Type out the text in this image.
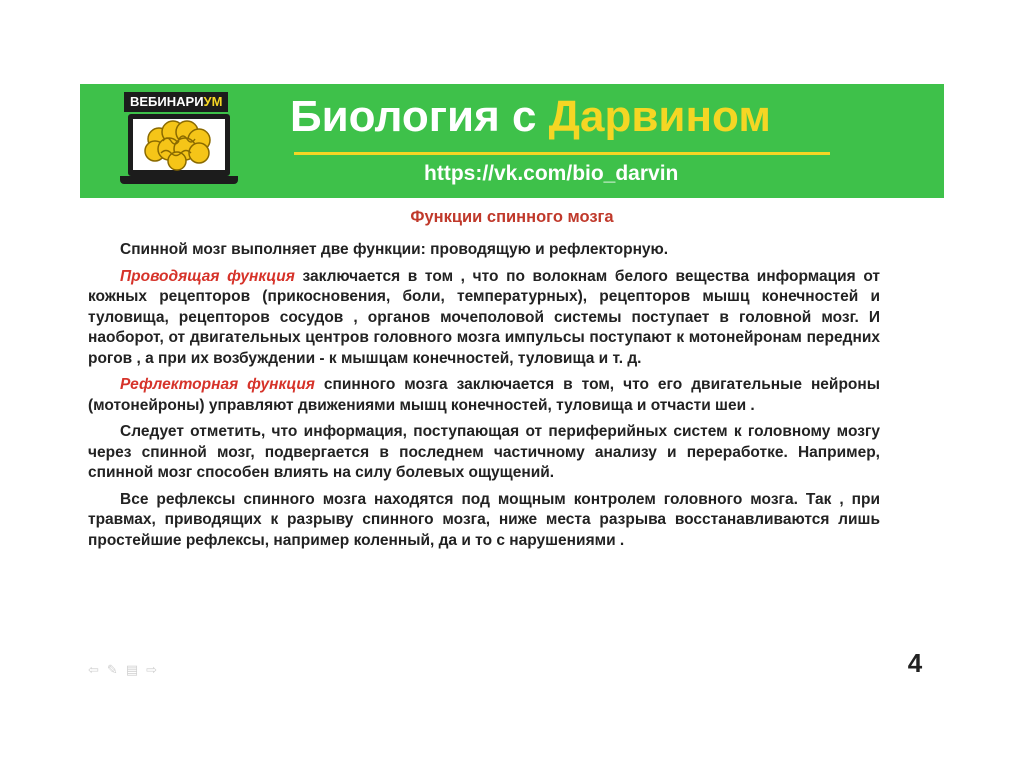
ВЕБИНАРИУМ Биология с Дарвином
https://vk.com/bio_darvin
Функции спинного мозга

Спинной мозг выполняет две функции: проводящую и рефлекторную.

Проводящая функция заключается в том , что по волокнам белого вещества информация от кожных рецепторов (прикосновения, боли, температурных), рецепторов мышц конечностей и туловища, рецепторов сосудов , органов мочеполовой системы поступает в головной мозг. И наоборот, от двигательных центров головного мозга импульсы поступают к мотонейронам передних рогов , а при их возбуждении - к мышцам конечностей, туловища и т. д.

Рефлекторная функция спинного мозга заключается в том, что его двигательные нейроны (мотонейроны) управляют движениями мышц конечностей, туловища и отчасти шеи .

Следует отметить, что информация, поступающая от периферийных систем к головному мозгу через спинной мозг, подвергается в последнем частичному анализу и переработке. Например, спинной мозг способен влиять на силу болевых ощущений.

Все рефлексы спинного мозга находятся под мощным контролем головного мозга. Так , при травмах, приводящих к разрыву спинного мозга, ниже места разрыва восстанавливаются лишь простейшие рефлексы, например коленный, да и то с нарушениями .

⇦ ✎ ▤ ⇨	4
